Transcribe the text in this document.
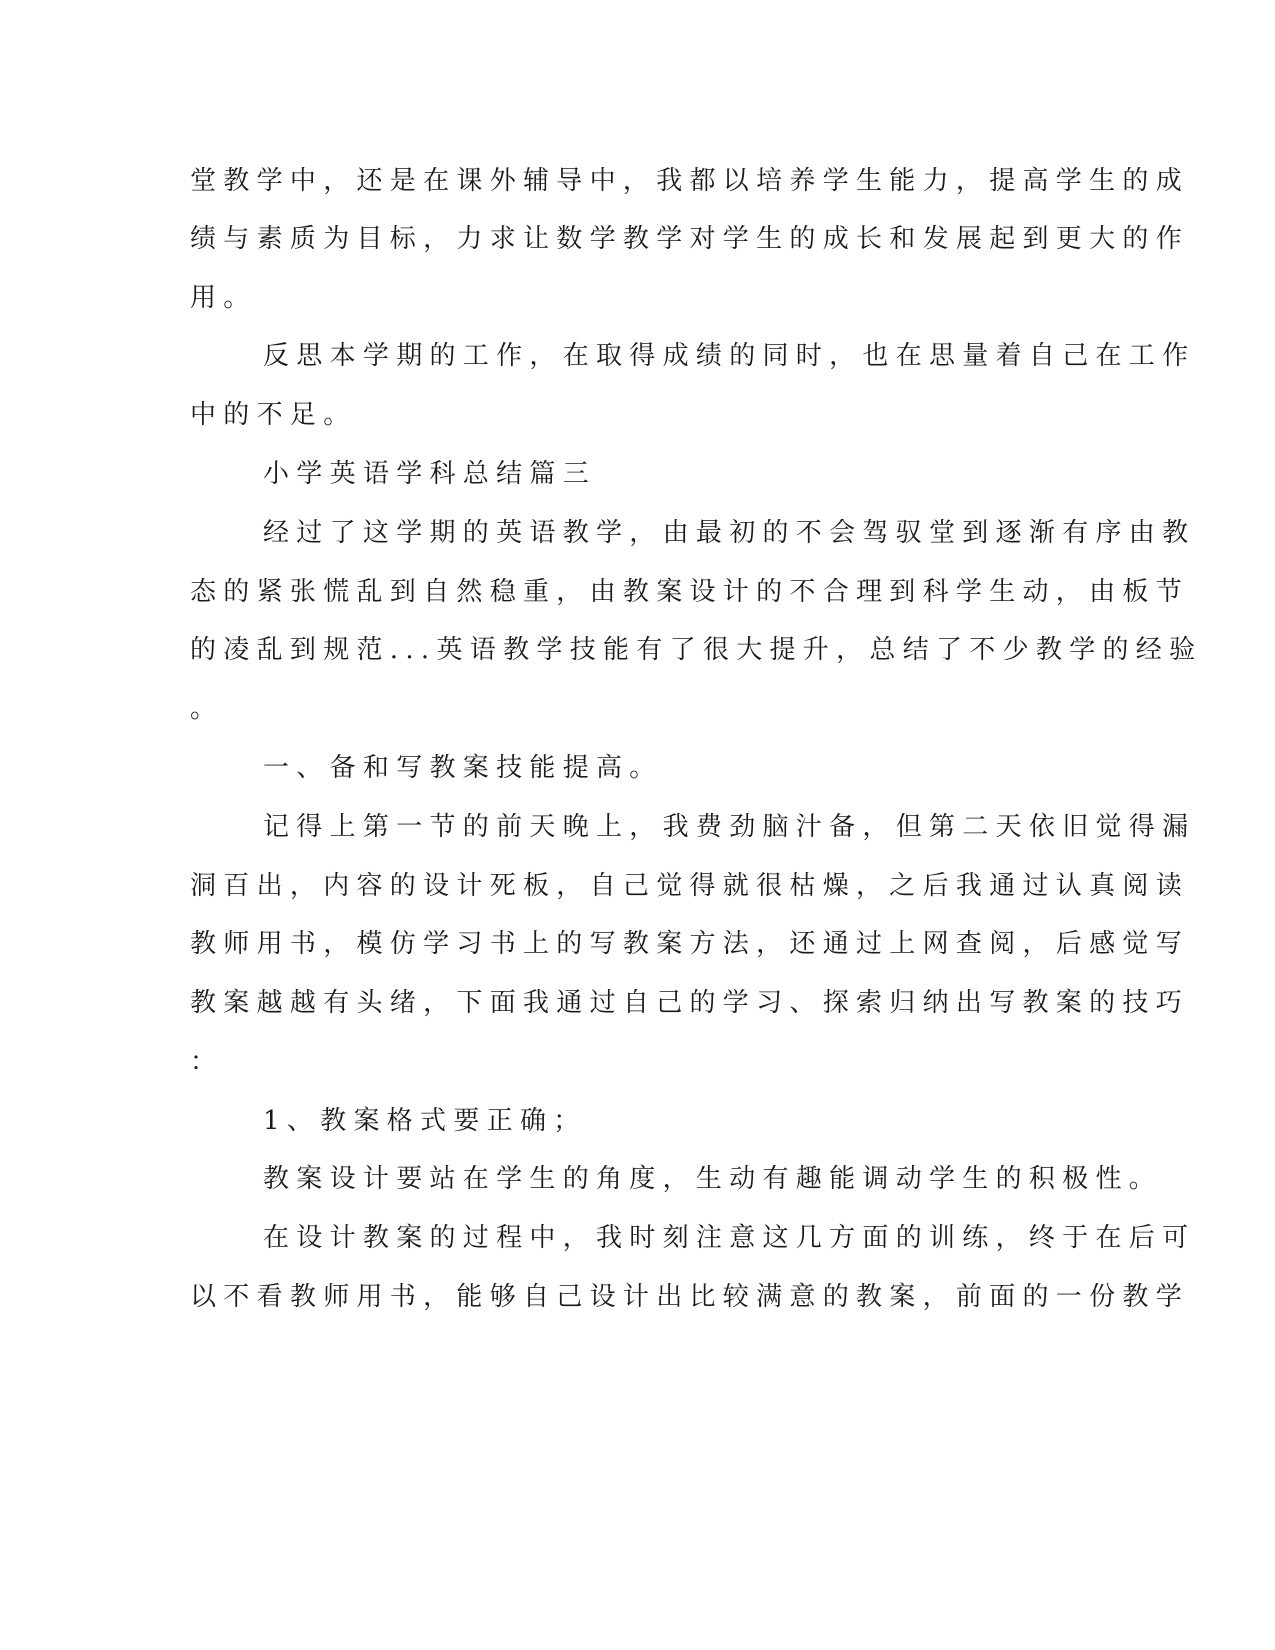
堂教学中，还是在课外辅导中，我都以培养学生能力，提高学生的成

绩与素质为目标，力求让数学教学对学生的成长和发展起到更大的作

用。

反思本学期的工作，在取得成绩的同时，也在思量着自己在工作

中的不足。

小学英语学科总结篇三

经过了这学期的英语教学，由最初的不会驾驭堂到逐渐有序由教

态的紧张慌乱到自然稳重，由教案设计的不合理到科学生动，由板节

的凌乱到规范...英语教学技能有了很大提升，总结了不少教学的经验

。

一、备和写教案技能提高。

记得上第一节的前天晚上，我费劲脑汁备，但第二天依旧觉得漏

洞百出，内容的设计死板，自己觉得就很枯燥，之后我通过认真阅读

教师用书，模仿学习书上的写教案方法，还通过上网查阅，后感觉写

教案越越有头绪，下面我通过自己的学习、探索归纳出写教案的技巧

：

1、教案格式要正确；

教案设计要站在学生的角度，生动有趣能调动学生的积极性。

在设计教案的过程中，我时刻注意这几方面的训练，终于在后可

以不看教师用书，能够自己设计出比较满意的教案，前面的一份教学
